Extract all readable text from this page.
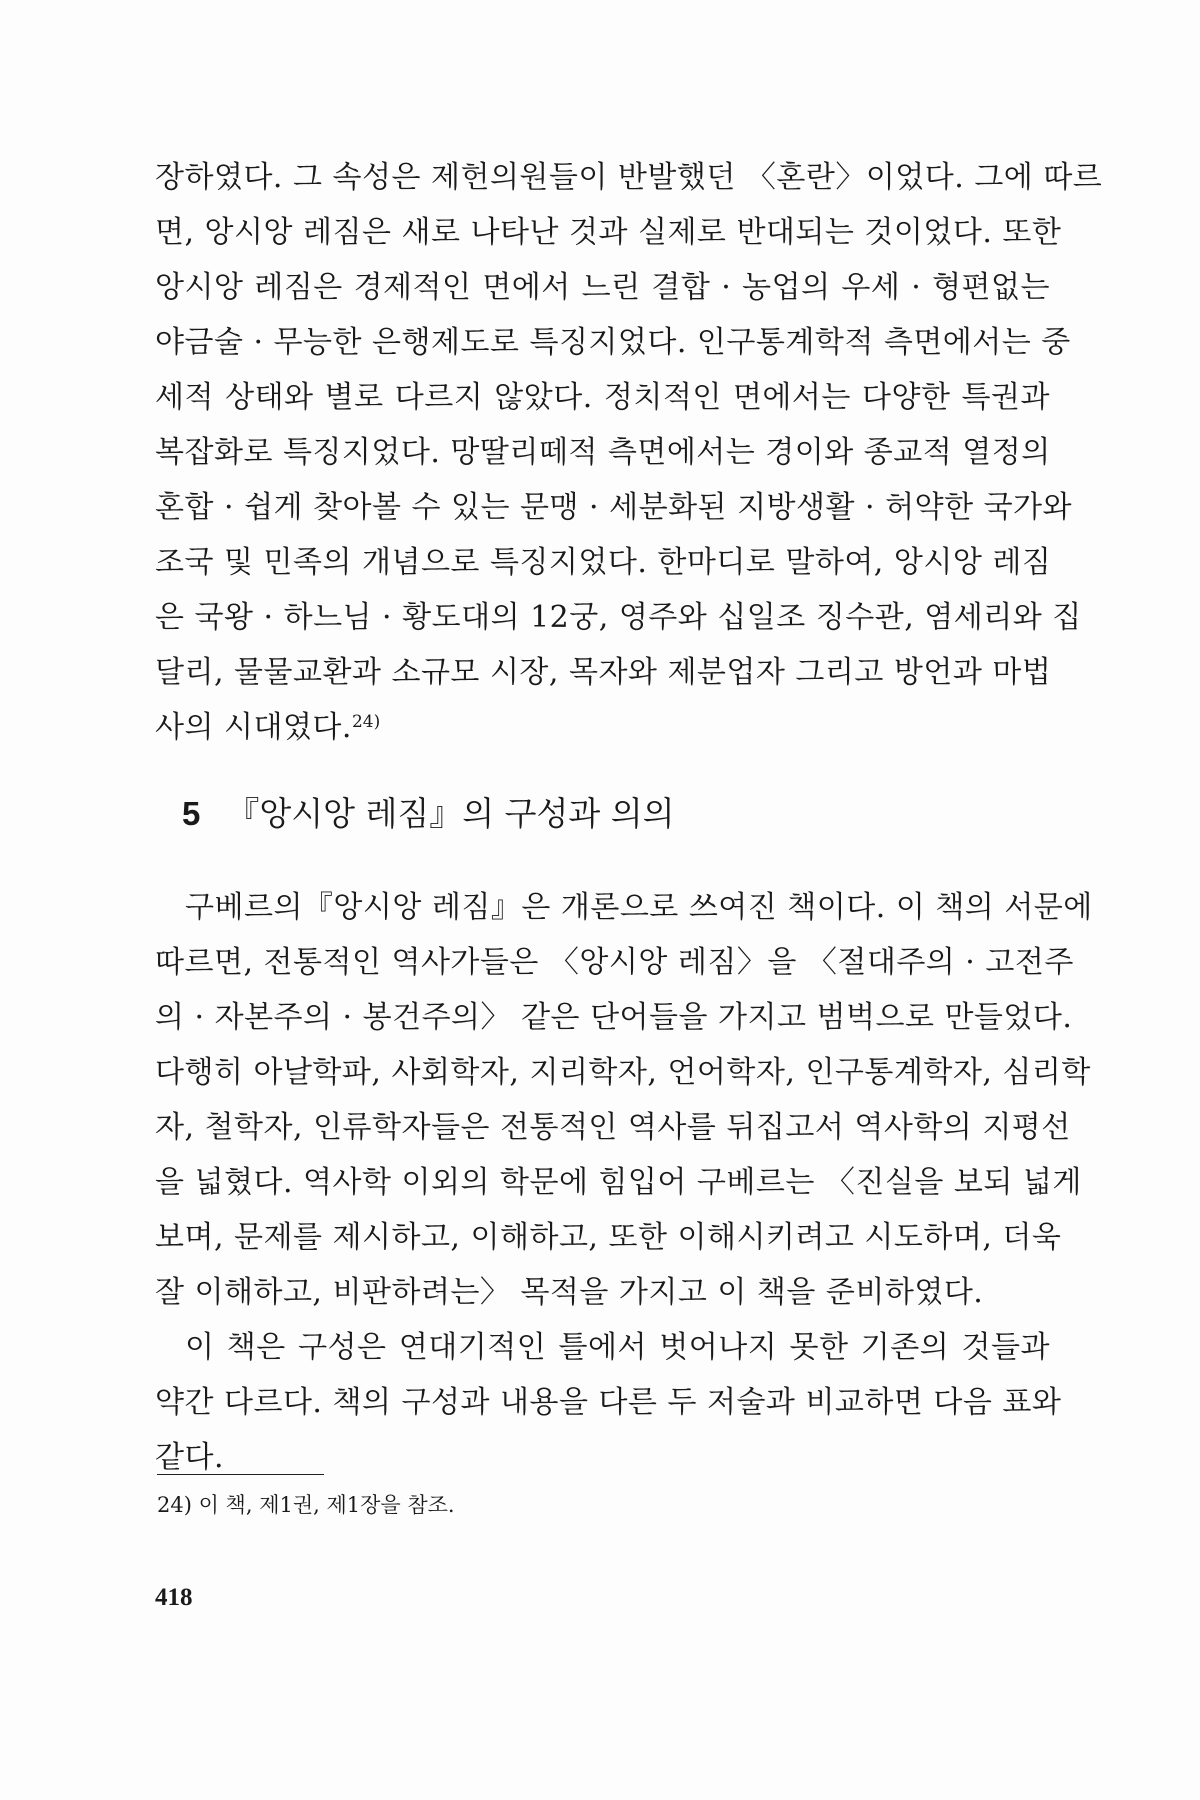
장하였다. 그 속성은 제헌의원들이 반발했던 〈혼란〉이었다. 그에 따르
면, 앙시앙 레짐은 새로 나타난 것과 실제로 반대되는 것이었다. 또한
앙시앙 레짐은 경제적인 면에서 느린 결합 · 농업의 우세 · 형편없는
야금술 · 무능한 은행제도로 특징지었다. 인구통계학적 측면에서는 중
세적 상태와 별로 다르지 않았다. 정치적인 면에서는 다양한 특권과
복잡화로 특징지었다. 망딸리떼적 측면에서는 경이와 종교적 열정의
혼합 · 쉽게 찾아볼 수 있는 문맹 · 세분화된 지방생활 · 허약한 국가와
조국 및 민족의 개념으로 특징지었다. 한마디로 말하여, 앙시앙 레짐
은 국왕 · 하느님 · 황도대의 12궁, 영주와 십일조 징수관, 염세리와 집
달리, 물물교환과 소규모 시장, 목자와 제분업자 그리고 방언과 마법
사의 시대였다.$^{24)}$
5 『앙시앙 레짐』의 구성과 의의
구베르의『앙시앙 레짐』은 개론으로 쓰여진 책이다. 이 책의 서문에
따르면, 전통적인 역사가들은 〈앙시앙 레짐〉을 〈절대주의 · 고전주
의 · 자본주의 · 봉건주의〉 같은 단어들을 가지고 범벅으로 만들었다.
다행히 아날학파, 사회학자, 지리학자, 언어학자, 인구통계학자, 심리학
자, 철학자, 인류학자들은 전통적인 역사를 뒤집고서 역사학의 지평선
을 넓혔다. 역사학 이외의 학문에 힘입어 구베르는 〈진실을 보되 넓게
보며, 문제를 제시하고, 이해하고, 또한 이해시키려고 시도하며, 더욱
잘 이해하고, 비판하려는〉 목적을 가지고 이 책을 준비하였다.
이 책은 구성은 연대기적인 틀에서 벗어나지 못한 기존의 것들과
약간 다르다. 책의 구성과 내용을 다른 두 저술과 비교하면 다음 표와
같다.
24) 이 책, 제1권, 제1장을 참조.
418
